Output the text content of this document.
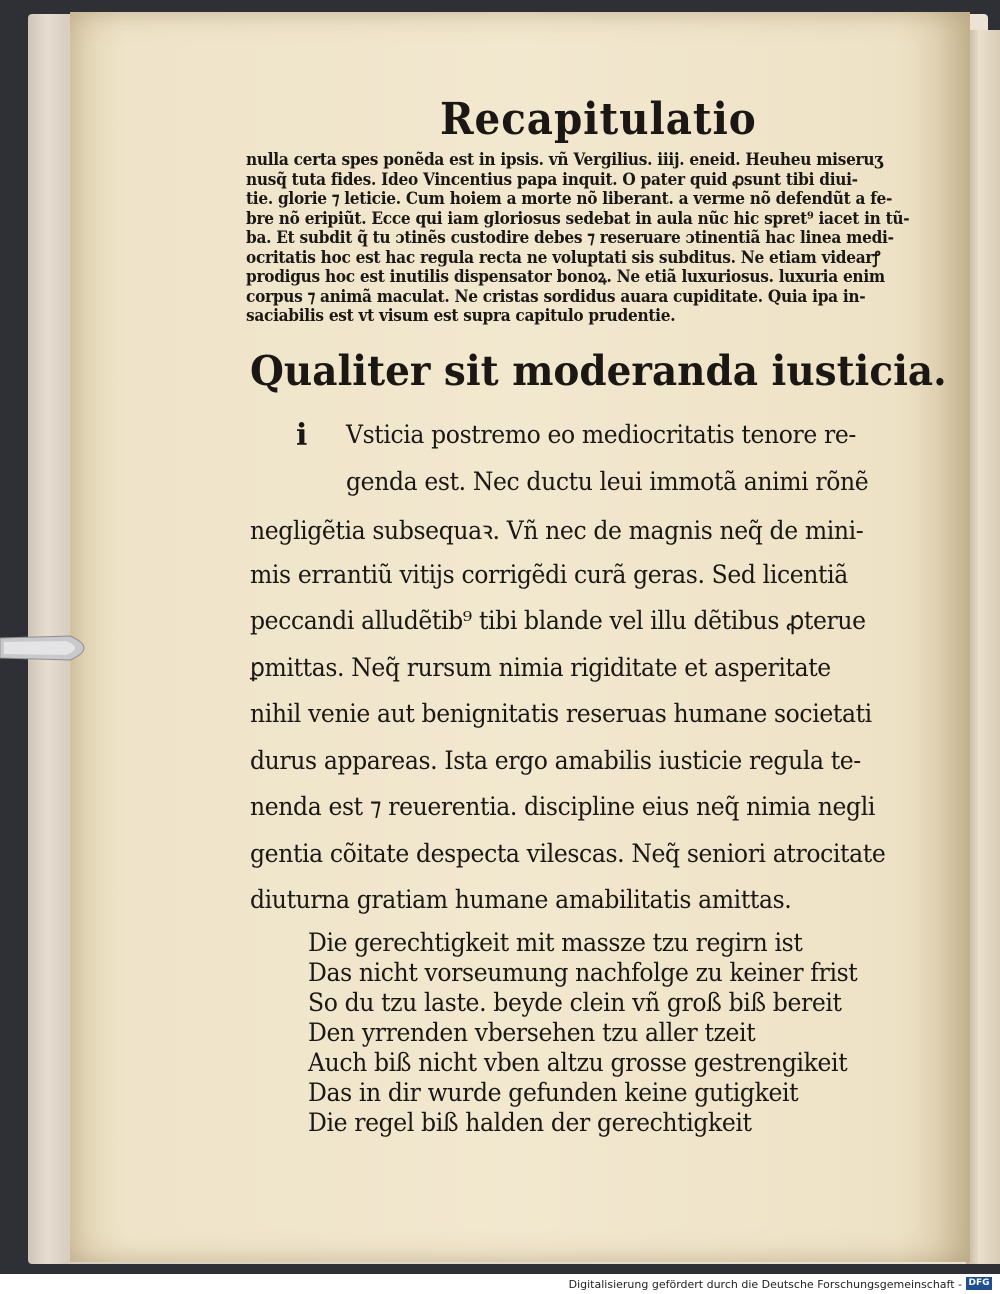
Recapitulatio
nulla certa spes ponẽda est in ipsis. vñ Vergilius. iiij. eneid. Heuheu miseruʒ
nusq̃ tuta fides. Ideo Vincentius papa inquit. O pater quid ꝓsunt tibi diui-
tie. glorie ⁊ leticie. Cum hoiem a morte nõ liberant. a verme nõ defendũt a fe-
bre nõ eripiũt. Ecce qui iam gloriosus sedebat in aula nũc hic spret⁹ iacet in tũ-
ba. Et subdit q̃ tu ɔtinẽs custodire debes ⁊ reseruare ɔtinentiã hac linea medi-
ocritatis hoc est hac regula recta ne voluptati sis subditus. Ne etiam videarꝭ
prodigus hoc est inutilis dispensator bonoꝝ. Ne etiã luxuriosus. luxuria enim
corpus ⁊ animã maculat. Ne cristas sordidus auara cupiditate. Quia ipa in-
saciabilis est vt visum est supra capitulo prudentie.
Qualiter sit moderanda iusticia.
i Vsticia postremo eo mediocritatis tenore re-
genda est. Nec ductu leui immotã animi rõnẽ
negligẽtia subsequaꝛ. Vñ nec de magnis neq̃ de mini-
mis errantiũ vitijs corrigẽdi curã geras. Sed licentiã
peccandi alludẽtib⁹ tibi blande vel illu dẽtibus ꝓterue
ꝑmittas. Neq̃ rursum nimia rigiditate et asperitate
nihil venie aut benignitatis reseruas humane societati
durus appareas. Ista ergo amabilis iusticie regula te-
nenda est ⁊ reuerentia. discipline eius neq̃ nimia negli
gentia cõitate despecta vilescas. Neq̃ seniori atrocitate
diuturna gratiam humane amabilitatis amittas.
Die gerechtigkeit mit massze tzu regirn ist
Das nicht vorseumung nachfolge zu keiner frist
So du tzu laste. beyde clein vñ groß biß bereit
Den yrrenden vbersehen tzu aller tzeit
Auch biß nicht vben altzu grosse gestrengikeit
Das in dir wurde gefunden keine gutigkeit
Die regel biß halden der gerechtigkeit
Digitalisierung gefördert durch die Deutsche Forschungsgemeinschaft - DFG
